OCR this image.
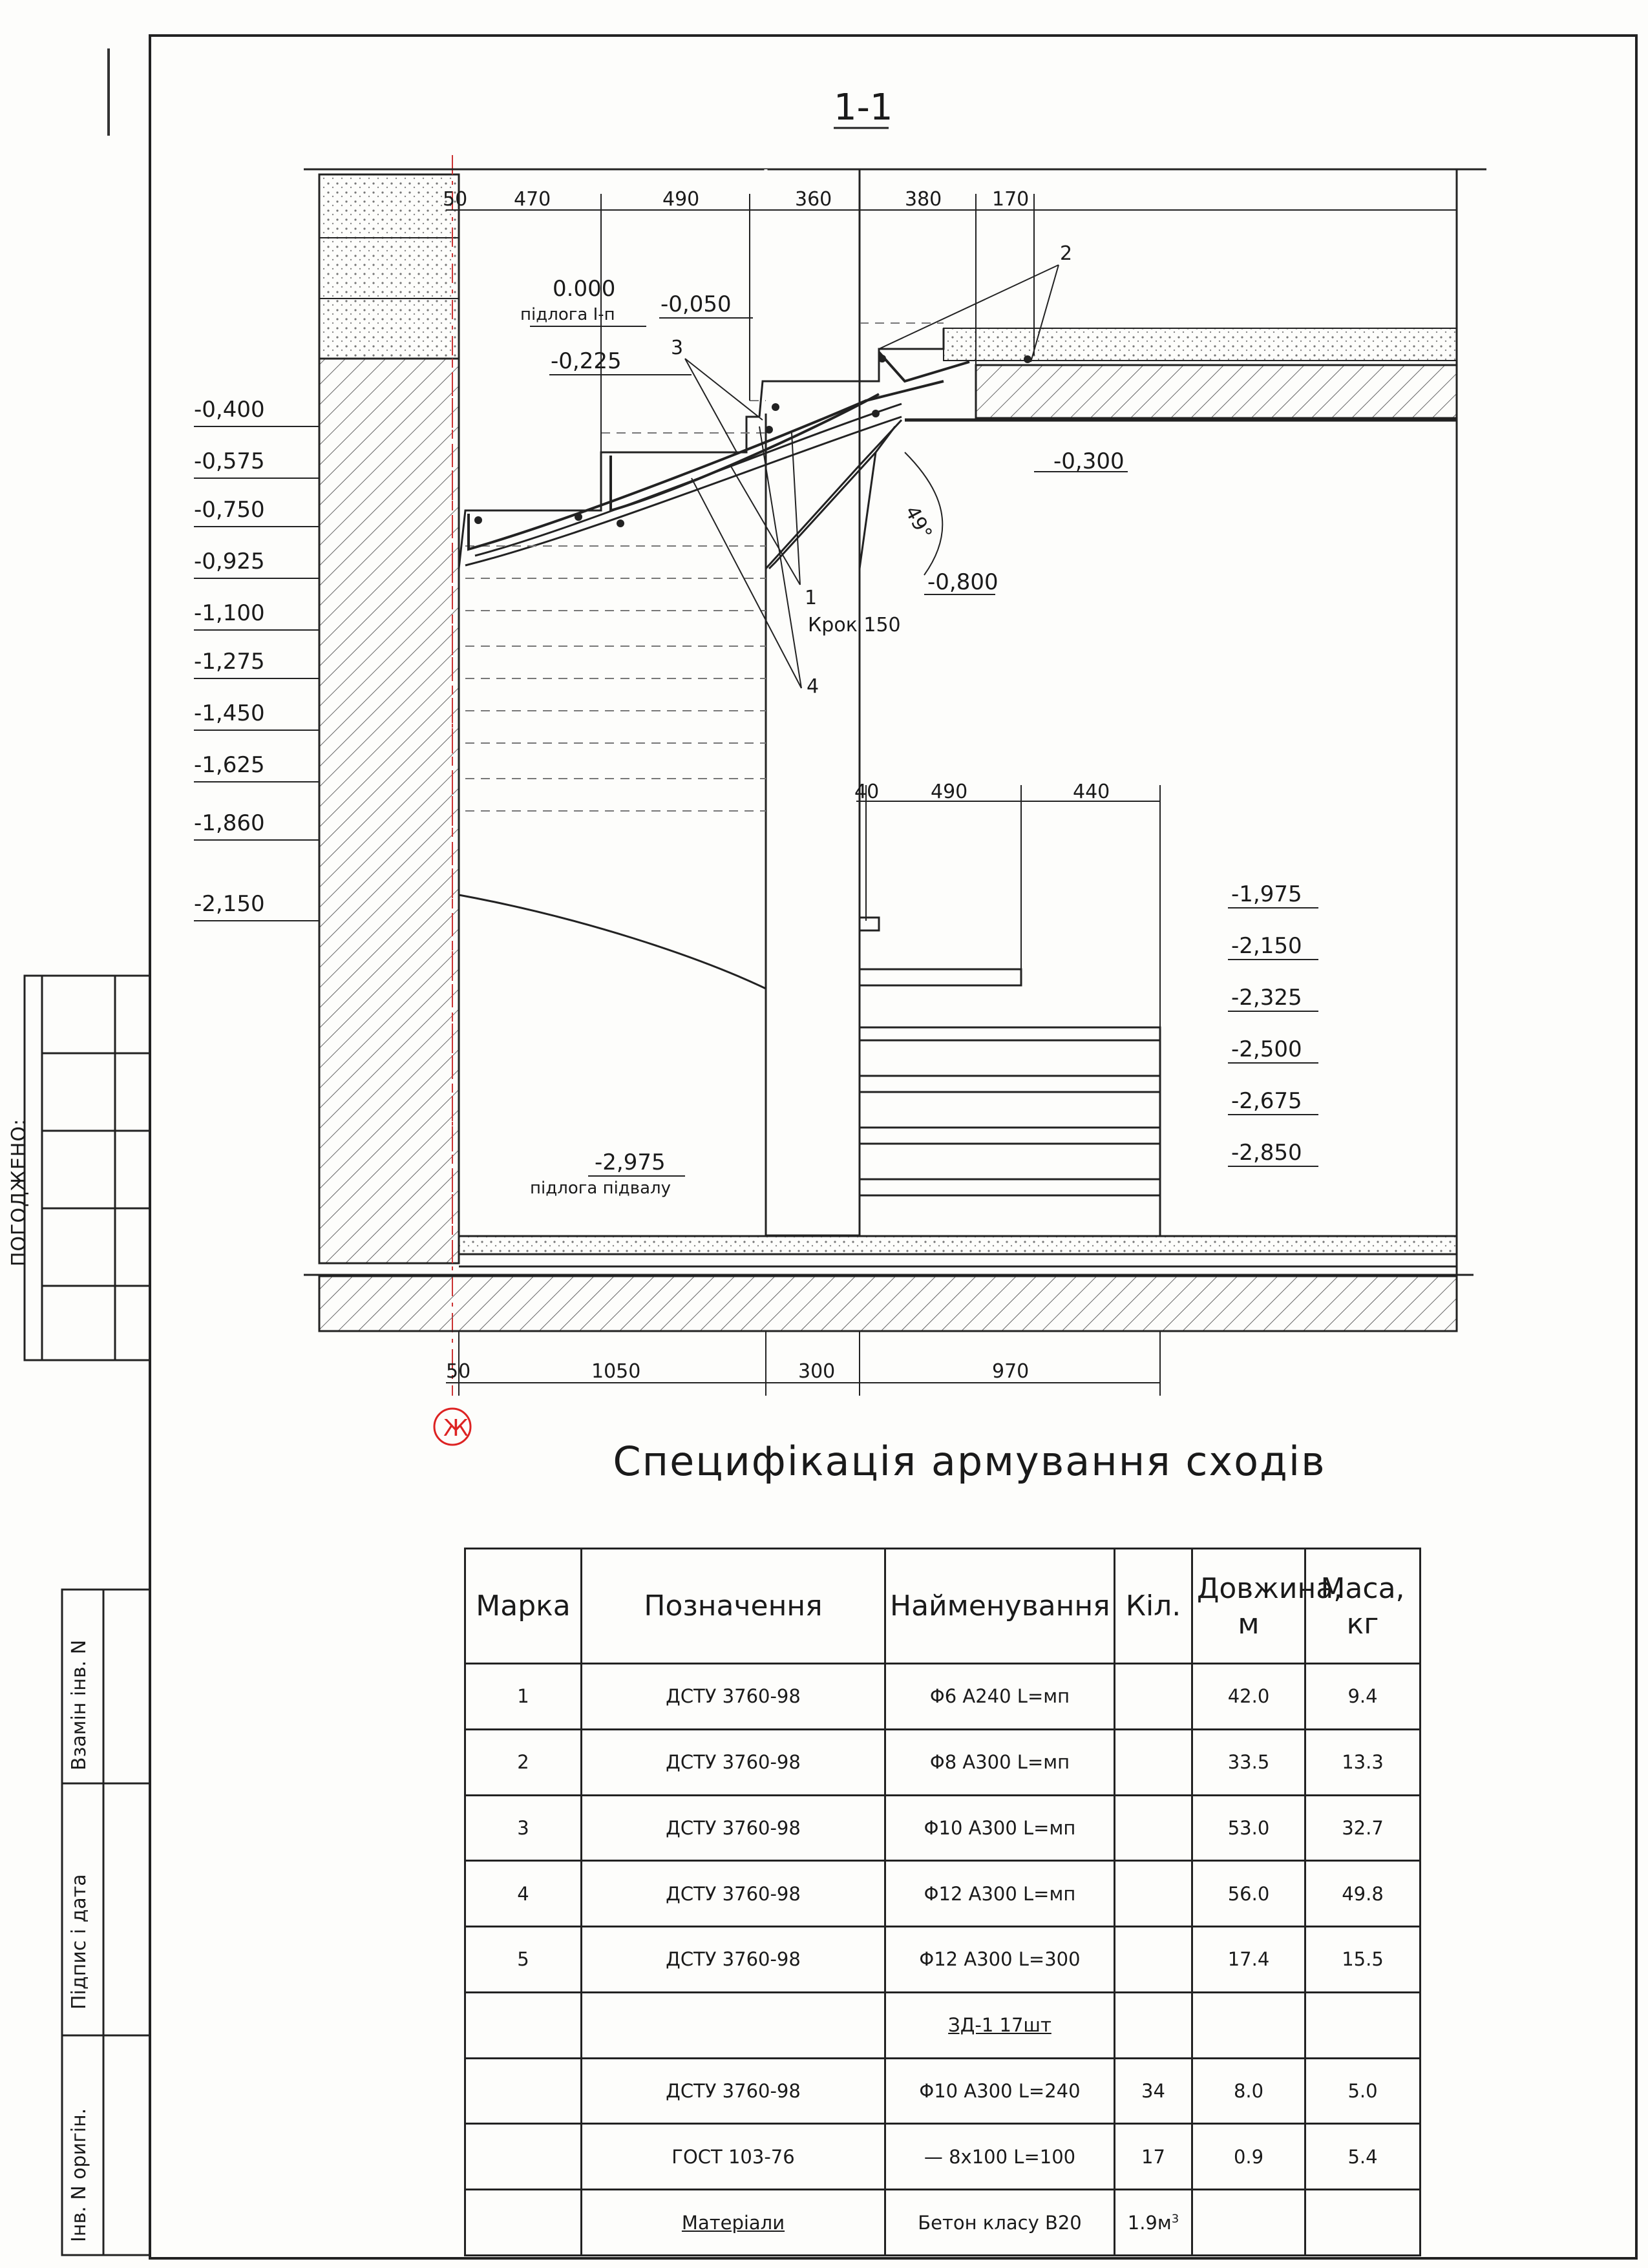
50 470	490	360	380	170
40	490	440
50	1050	300	970
1-1
-0,400
-0,575
-0,750
-0,925
-1,100
-1,275
-1,450
-1,625
-1,860
-2,150	-1,975
-2,150
-2,325
-2,500
-2,675
-2,850
0.000
підлога I-п -0,050
-0,225
-0,300
-0,800
-2,975
підлога підвалу
49°
Крок 150
1
2
3
4
Ж
Специфікація армування сходів
Марка	Позначення	Найменування	Кіл.	Довжина, м	Маса, кг
1	ДСТУ 3760-98	Φ6 А240 L=мп		42.0	9.4
2	ДСТУ 3760-98	Φ8 А300 L=мп		33.5	13.3
3	ДСТУ 3760-98	Φ10 А300 L=мп		53.0	32.7
4	ДСТУ 3760-98	Φ12 А300 L=мп		56.0	49.8
5	ДСТУ 3760-98	Φ12 А300 L=300		17.4	15.5
		ЗД-1 17шт			
	ДСТУ 3760-98	Φ10 А300 L=240	34	8.0	5.0
	ГОСТ 103-76	— 8x100 L=100	17	0.9	5.4
	Матеріали	Бетон класу В20	$1.9м^3$		
ПОГОДЖЕНО:
Взамін інв. N
Підпис і дата
Інв. N оригін.
